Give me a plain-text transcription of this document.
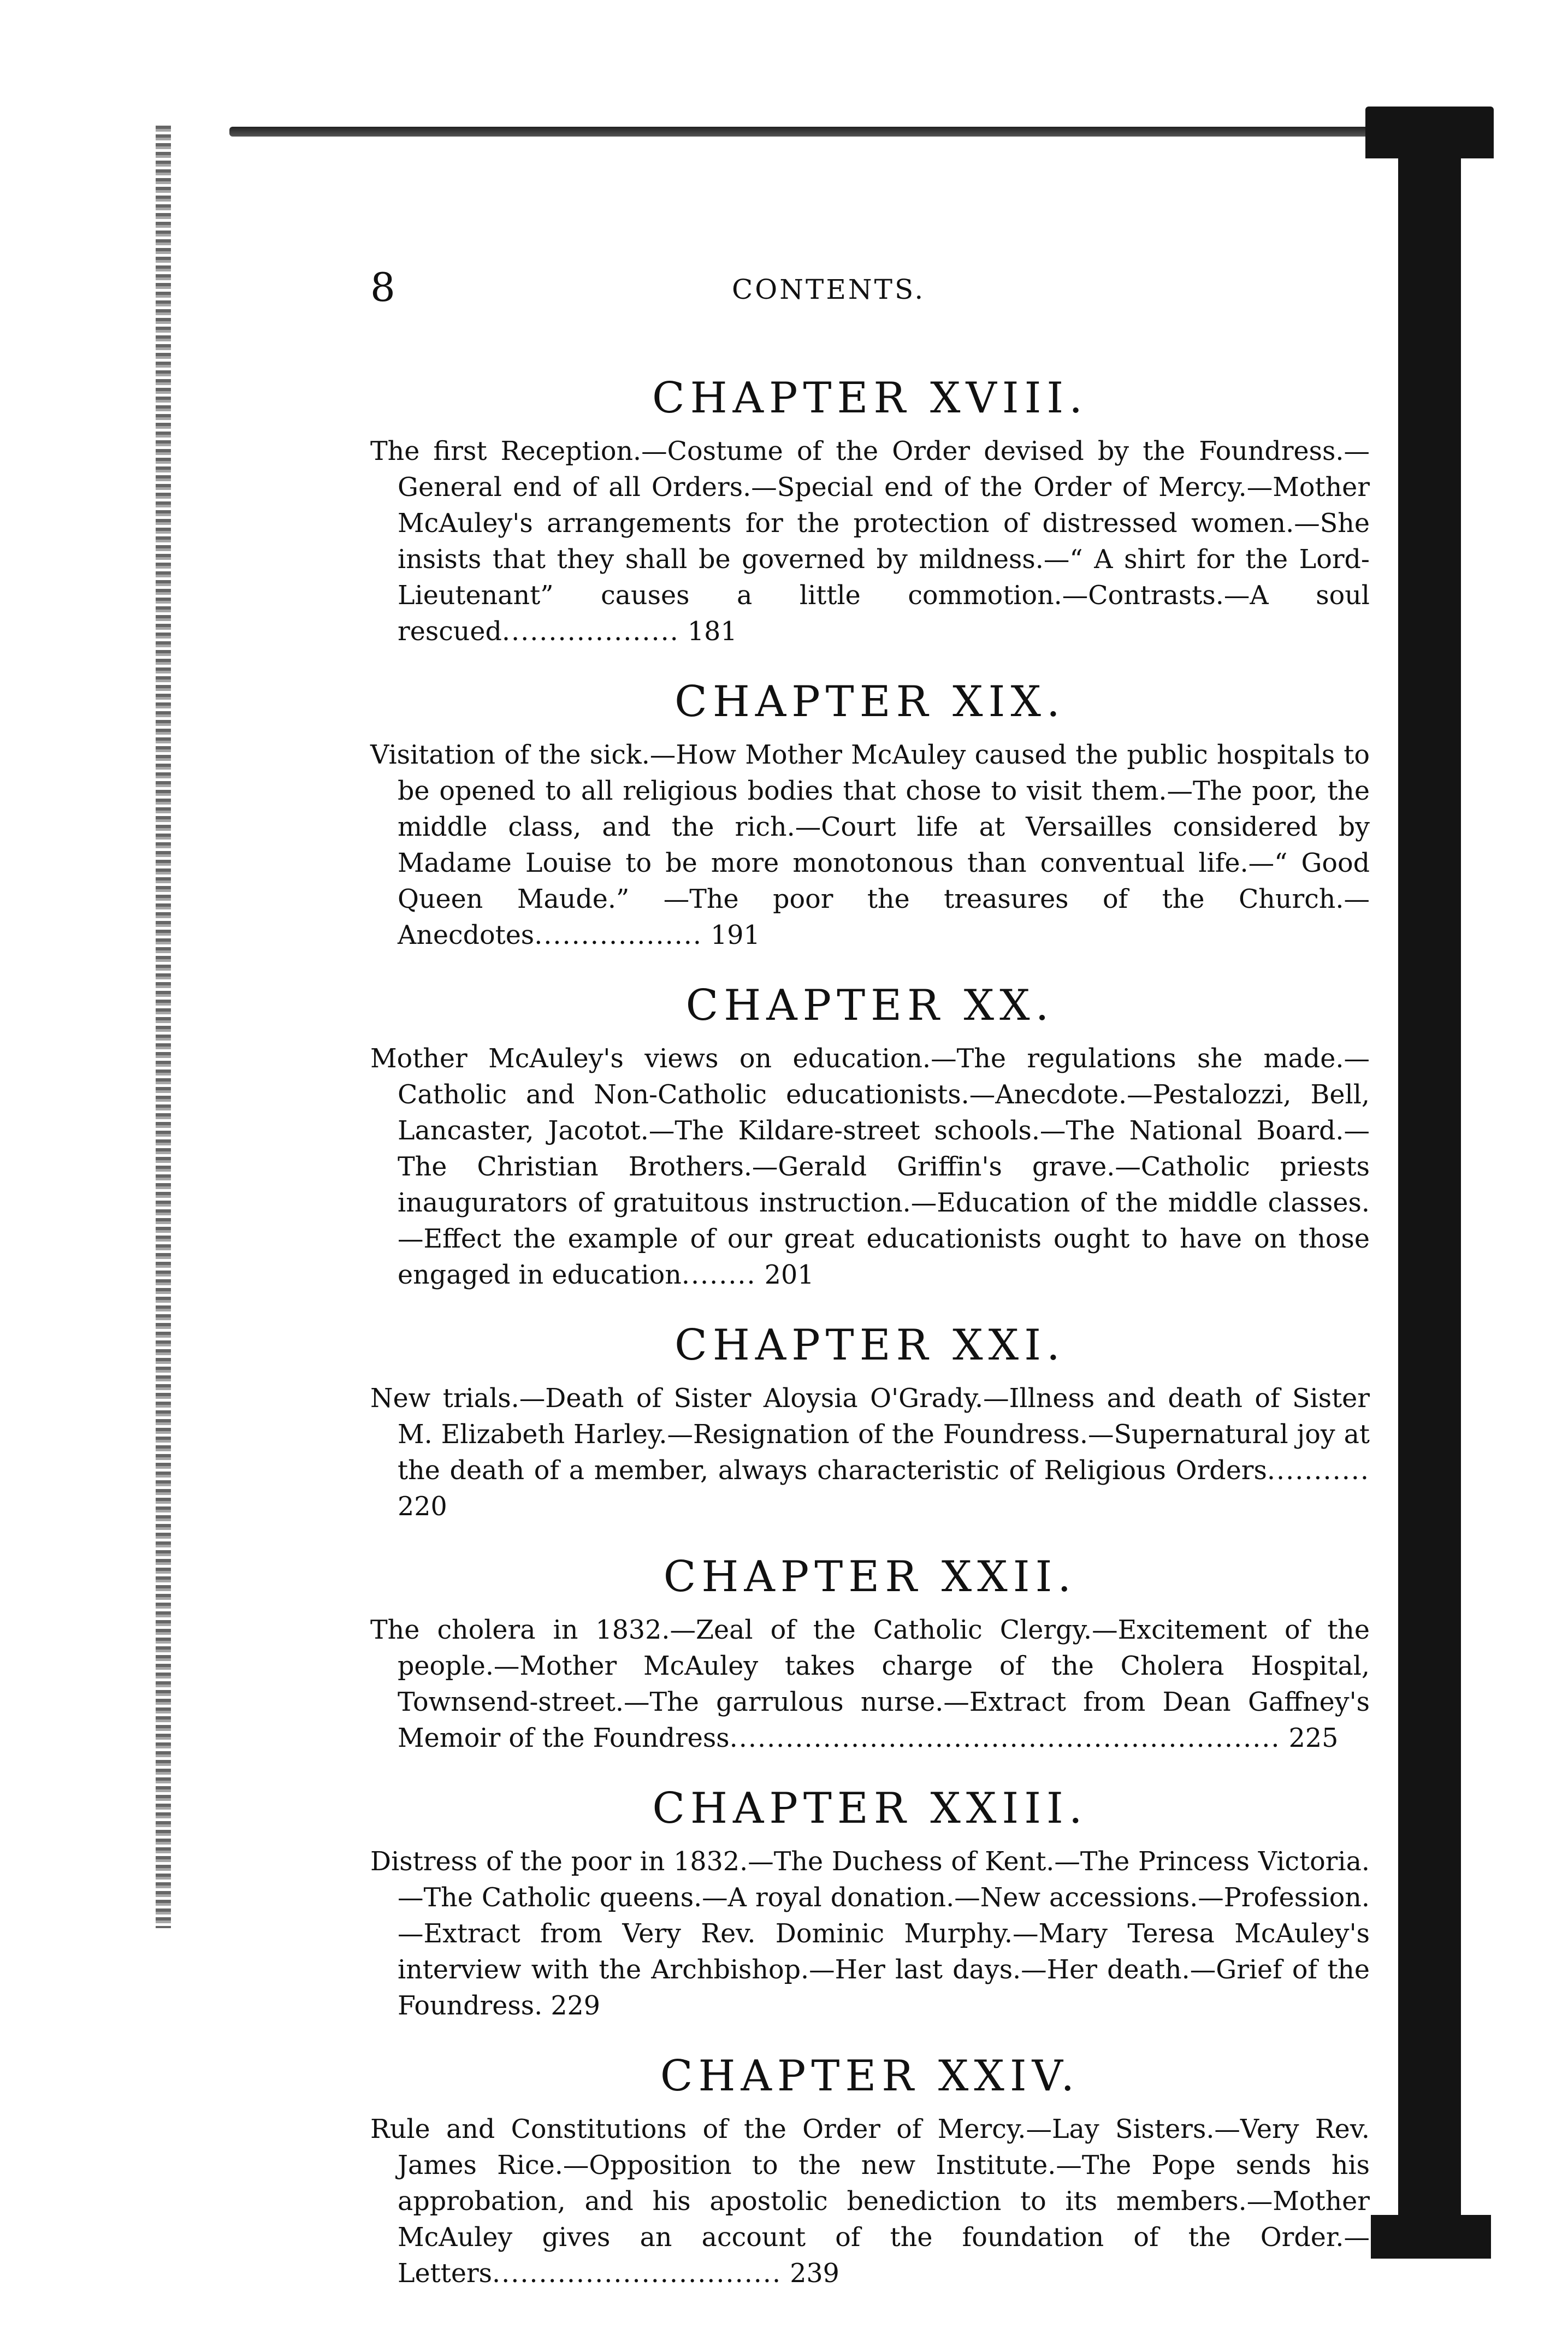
8	CONTENTS.
CHAPTER XVIII.

The first Reception.—Costume of the Order devised by the Foundress.—General end of all Orders.—Special end of the Order of Mercy.—Mother McAuley's arrangements for the protection of distressed women.—She insists that they shall be governed by mildness.—“ A shirt for the Lord-Lieutenant” causes a little commotion.—Contrasts.—A soul rescued................... 181

CHAPTER XIX.

Visitation of the sick.—How Mother McAuley caused the public hospitals to be opened to all religious bodies that chose to visit them.—The poor, the middle class, and the rich.—Court life at Versailles considered by Madame Louise to be more monotonous than conventual life.—“ Good Queen Maude.” —The poor the treasures of the Church.—Anecdotes.................. 191

CHAPTER XX.

Mother McAuley's views on education.—The regulations she made.—Catholic and Non-Catholic educationists.—Anecdote.—Pestalozzi, Bell, Lancaster, Jacotot.—The Kildare-street schools.—The National Board.—The Christian Brothers.—Gerald Griffin's grave.—Catholic priests inaugurators of gratuitous instruction.—Education of the middle classes.—Effect the example of our great educationists ought to have on those engaged in education........ 201

CHAPTER XXI.

New trials.—Death of Sister Aloysia O'Grady.—Illness and death of Sister M. Elizabeth Harley.—Resignation of the Foundress.—Supernatural joy at the death of a member, always characteristic of Religious Orders........... 220

CHAPTER XXII.

The cholera in 1832.—Zeal of the Catholic Clergy.—Excitement of the people.—Mother McAuley takes charge of the Cholera Hospital, Townsend-street.—The garrulous nurse.—Extract from Dean Gaffney's Memoir of the Foundress........................................................... 225

CHAPTER XXIII.

Distress of the poor in 1832.—The Duchess of Kent.—The Princess Victoria.—The Catholic queens.—A royal donation.—New accessions.—Profession.—Extract from Very Rev. Dominic Murphy.—Mary Teresa McAuley's interview with the Archbishop.—Her last days.—Her death.—Grief of the Foundress. 229

CHAPTER XXIV.

Rule and Constitutions of the Order of Mercy.—Lay Sisters.—Very Rev. James Rice.—Opposition to the new Institute.—The Pope sends his approbation, and his apostolic benediction to its members.—Mother McAuley gives an account of the foundation of the Order.—Letters............................... 239
